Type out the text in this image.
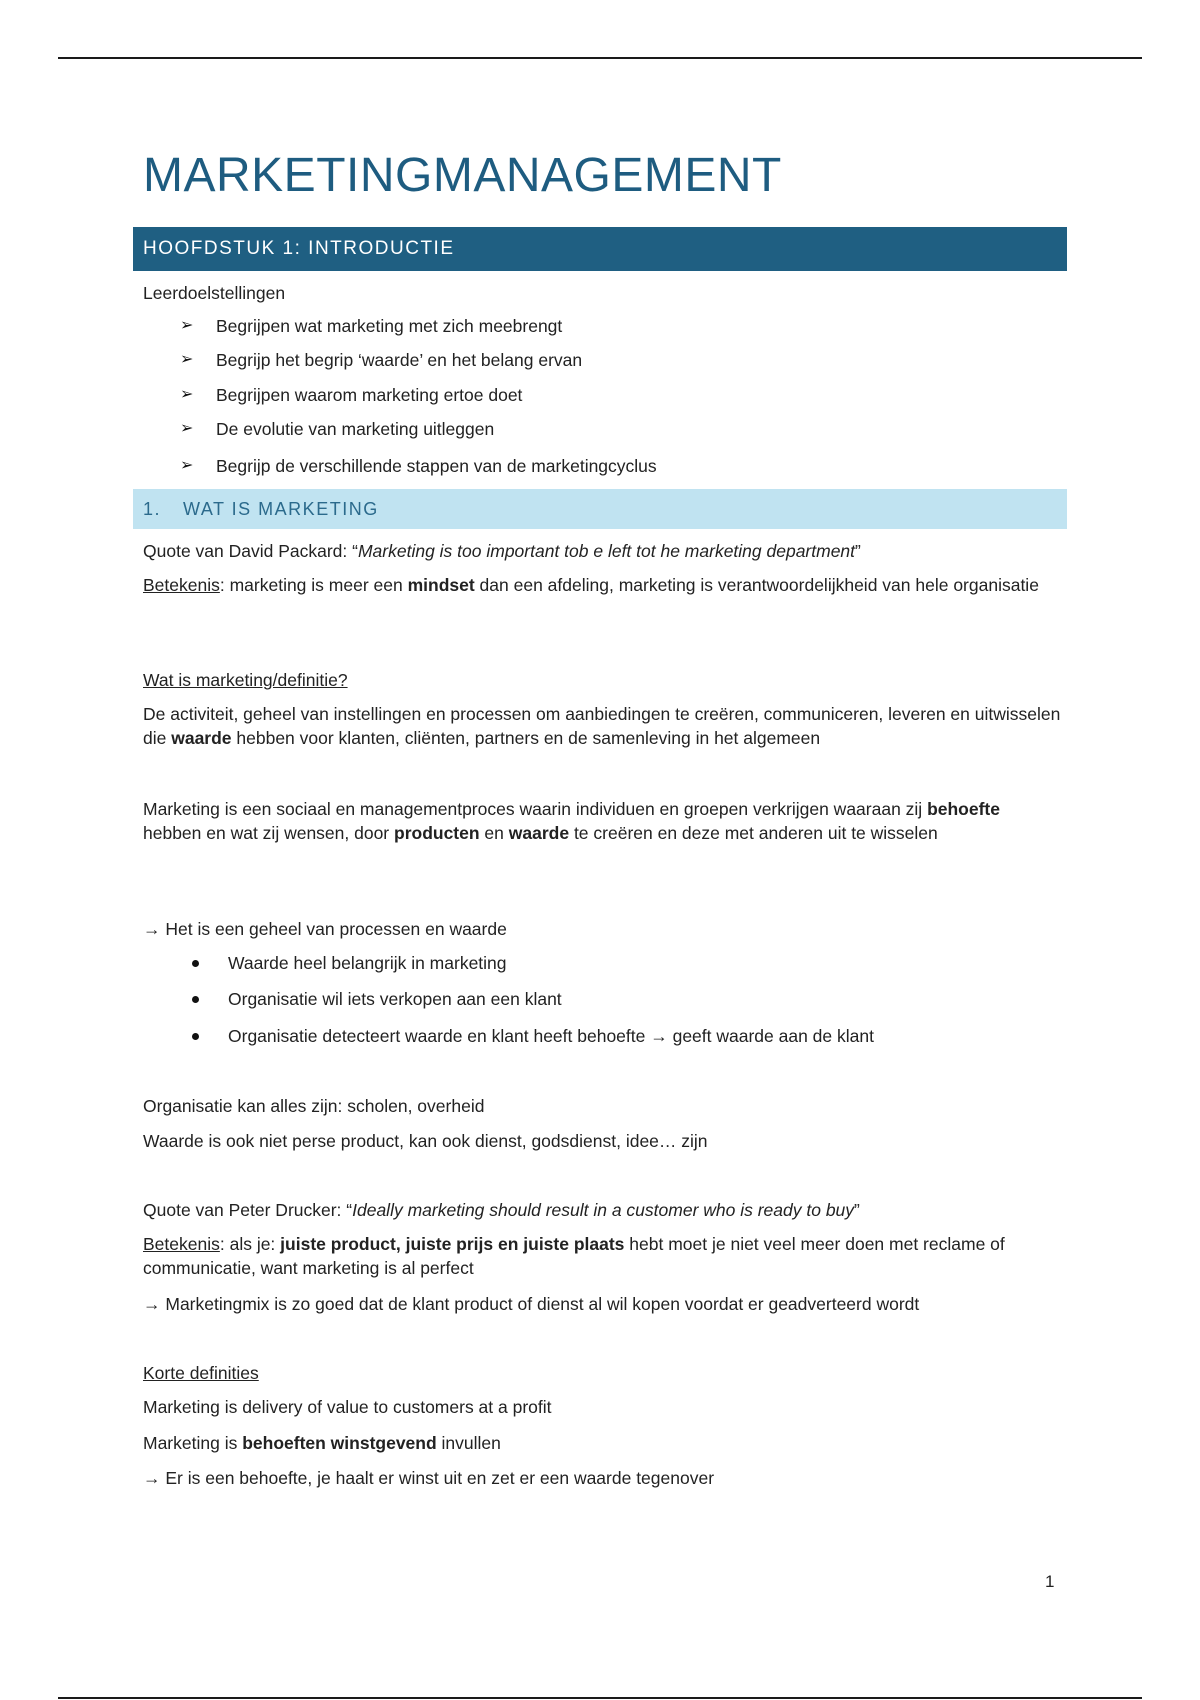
MARKETINGMANAGEMENT
HOOFDSTUK 1: INTRODUCTIE
Leerdoelstellingen
➢ Begrijpen wat marketing met zich meebrengt
➢ Begrijp het begrip ‘waarde’ en het belang ervan
➢ Begrijpen waarom marketing ertoe doet
➢ De evolutie van marketing uitleggen
➢ Begrijp de verschillende stappen van de marketingcyclus
1. WAT IS MARKETING
Quote van David Packard: “Marketing is too important tob e left tot he marketing department”
Betekenis: marketing is meer een mindset dan een afdeling, marketing is verantwoordelijkheid van hele organisatie
Wat is marketing/definitie?
De activiteit, geheel van instellingen en processen om aanbiedingen te creëren, communiceren, leveren en uitwisselen die waarde hebben voor klanten, cliënten, partners en de samenleving in het algemeen
Marketing is een sociaal en managementproces waarin individuen en groepen verkrijgen waaraan zij behoefte hebben en wat zij wensen, door producten en waarde te creëren en deze met anderen uit te wisselen
→ Het is een geheel van processen en waarde
Waarde heel belangrijk in marketing
Organisatie wil iets verkopen aan een klant
Organisatie detecteert waarde en klant heeft behoefte → geeft waarde aan de klant
Organisatie kan alles zijn: scholen, overheid
Waarde is ook niet perse product, kan ook dienst, godsdienst, idee… zijn
Quote van Peter Drucker: “Ideally marketing should result in a customer who is ready to buy”
Betekenis: als je: juiste product, juiste prijs en juiste plaats hebt moet je niet veel meer doen met reclame of communicatie, want marketing is al perfect
→ Marketingmix is zo goed dat de klant product of dienst al wil kopen voordat er geadverteerd wordt
Korte definities
Marketing is delivery of value to customers at a profit
Marketing is behoeften winstgevend invullen
→ Er is een behoefte, je haalt er winst uit en zet er een waarde tegenover
1
